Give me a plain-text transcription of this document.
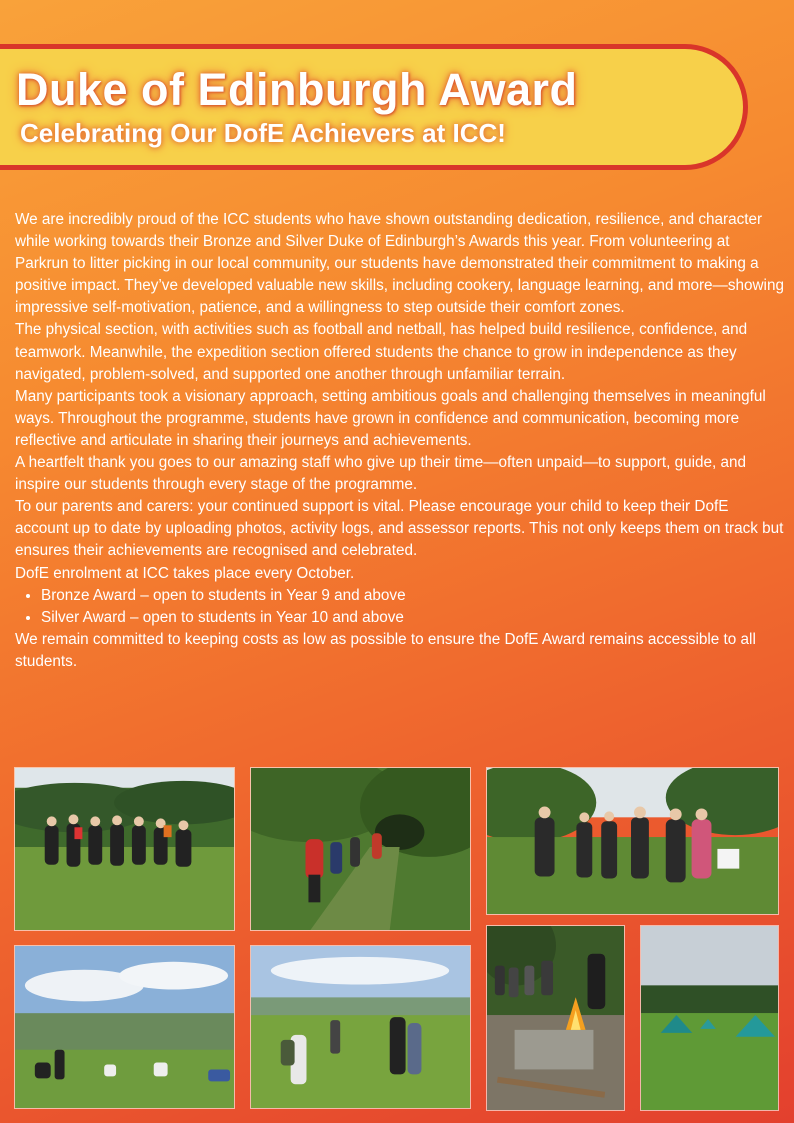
Duke of Edinburgh Award
Celebrating Our DofE Achievers at ICC!

We are incredibly proud of the ICC students who have shown outstanding dedication, resilience, and character while working towards their Bronze and Silver Duke of Edinburgh’s Awards this year. From volunteering at Parkrun to litter picking in our local community, our students have demonstrated their commitment to making a positive impact. They’ve developed valuable new skills, including cookery, language learning, and more—showing impressive self-motivation, patience, and a willingness to step outside their comfort zones.

The physical section, with activities such as football and netball, has helped build resilience, confidence, and teamwork. Meanwhile, the expedition section offered students the chance to grow in independence as they navigated, problem-solved, and supported one another through unfamiliar terrain.

Many participants took a visionary approach, setting ambitious goals and challenging themselves in meaningful ways. Throughout the programme, students have grown in confidence and communication, becoming more reflective and articulate in sharing their journeys and achievements.

A heartfelt thank you goes to our amazing staff who give up their time—often unpaid—to support, guide, and inspire our students through every stage of the programme.

To our parents and carers: your continued support is vital. Please encourage your child to keep their DofE account up to date by uploading photos, activity logs, and assessor reports. This not only keeps them on track but ensures their achievements are recognised and celebrated.

DofE enrolment at ICC takes place every October.

• Bronze Award – open to students in Year 9 and above
• Silver Award – open to students in Year 10 and above

We remain committed to keeping costs as low as possible to ensure the DofE Award remains accessible to all students.
